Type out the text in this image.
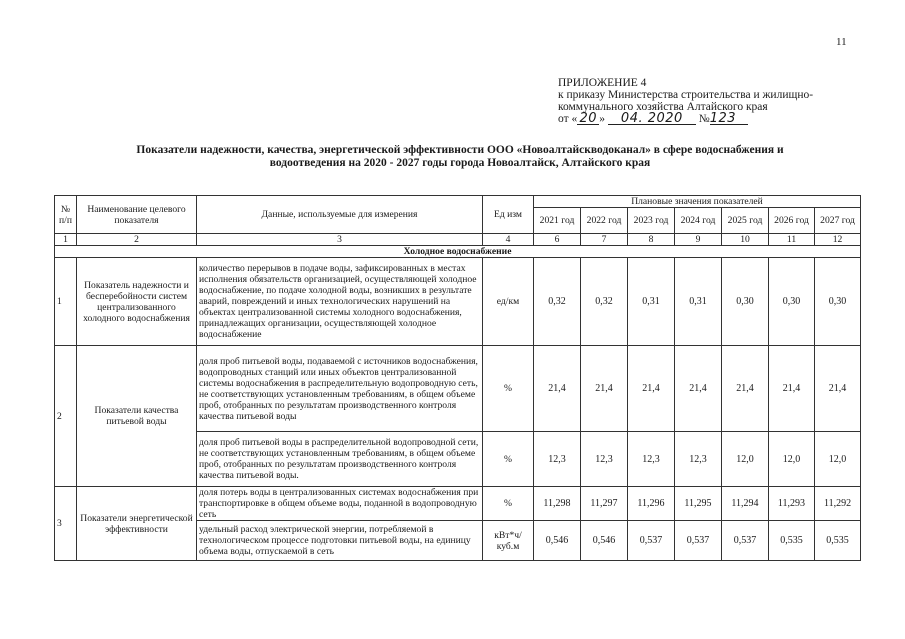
11
ПРИЛОЖЕНИЕ 4
к приказу Министерства строительства и жилищно-
коммунального хозяйства Алтайского края
от « 20 » 04. 2020 №123
Показатели надежности, качества, энергетической эффективности ООО «Новоалтайскводоканал» в сфере водоснабжения и
водоотведения на 2020 - 2027 годы города Новоалтайск, Алтайского края
№ п/п	Наименование целевого показателя	Данные, используемые для измерения	Ед изм	Плановые значения показателей						
				2021 год	2022 год	2023 год	2024 год	2025 год	2026 год	2027 год
1	2	3	4	6	7	8	9	10	11	12
Холодное водоснабжение										
1	Показатель надежности и бесперебойности систем централизованного холодного водоснабжения	количество перерывов в подаче воды, зафиксированных в местах исполнения обязательств организацией, осуществляющей холодное водоснабжение, по подаче холодной воды, возникших в результате аварий, повреждений и иных технологических нарушений на объектах централизованной системы холодного водоснабжения, принадлежащих организации, осуществляющей холодное водоснабжение	ед/км	0,32	0,32	0,31	0,31	0,30	0,30	0,30
2	Показатели качества питьевой воды	доля проб питьевой воды, подаваемой с источников водоснабжения, водопроводных станций или иных объектов централизованной системы водоснабжения в распределительную водопроводную сеть, не соответствующих установленным требованиям, в общем объеме проб, отобранных по результатам производственного контроля качества питьевой воды	%	21,4	21,4	21,4	21,4	21,4	21,4	21,4
		доля проб питьевой воды в распределительной водопроводной сети, не соответствующих установленным требованиям, в общем объеме проб, отобранных по результатам производственного контроля качества питьевой воды.	%	12,3	12,3	12,3	12,3	12,0	12,0	12,0
3	Показатели энергетической эффективности	доля потерь воды в централизованных системах водоснабжения при транспортировке в общем объеме воды, поданной в водопроводную сеть	%	11,298	11,297	11,296	11,295	11,294	11,293	11,292
		удельный расход электрической энергии, потребляемой в технологическом процессе подготовки питьевой воды, на единицу объема воды, отпускаемой в сеть	кВт*ч/куб.м	0,546	0,546	0,537	0,537	0,537	0,535	0,535
